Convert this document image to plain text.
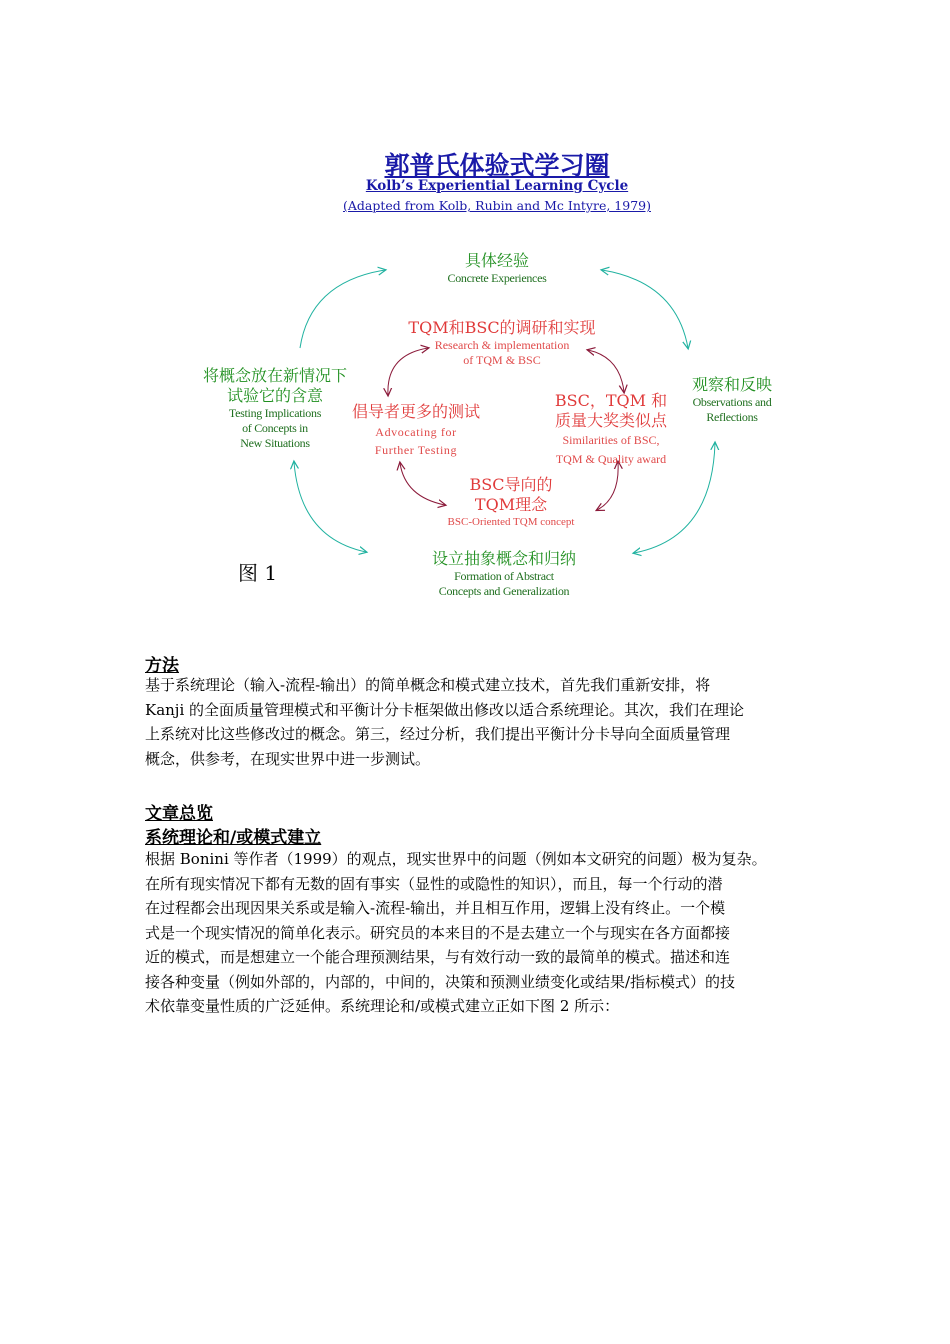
郭普氏体验式学习圈
Kolb’s Experiential Learning Cycle
(Adapted from Kolb, Rubin and Mc Intyre, 1979)
具体经验
Concrete Experiences
观察和反映
Observations and
Reflections
设立抽象概念和归纳
Formation of Abstract
Concepts and Generalization
将概念放在新情况下
试验它的含意
Testing Implications
of Concepts in
New Situations
TQM和BSC的调研和实现
Research & implementation
of TQM & BSC
BSC，TQM 和
质量大奖类似点
Similarities of BSC,
TQM & Quality award
BSC导向的
TQM理念
BSC-Oriented TQM concept
倡导者更多的测试
Advocating for
Further Testing
图 1
方法
基于系统理论（输入-流程-输出）的简单概念和模式建立技术，首先我们重新安排，将
Kanji 的全面质量管理模式和平衡计分卡框架做出修改以适合系统理论。其次，我们在理论
上系统对比这些修改过的概念。第三，经过分析，我们提出平衡计分卡导向全面质量管理
概念，供参考，在现实世界中进一步测试。
文章总览
系统理论和/或模式建立
根据 Bonini 等作者（1999）的观点，现实世界中的问题（例如本文研究的问题）极为复杂。
在所有现实情况下都有无数的固有事实（显性的或隐性的知识），而且，每一个行动的潜
在过程都会出现因果关系或是输入-流程-输出，并且相互作用，逻辑上没有终止。一个模
式是一个现实情况的简单化表示。研究员的本来目的不是去建立一个与现实在各方面都接
近的模式，而是想建立一个能合理预测结果，与有效行动一致的最简单的模式。描述和连
接各种变量（例如外部的，内部的，中间的，决策和预测业绩变化或结果/指标模式）的技
术依靠变量性质的广泛延伸。系统理论和/或模式建立正如下图 2 所示：
